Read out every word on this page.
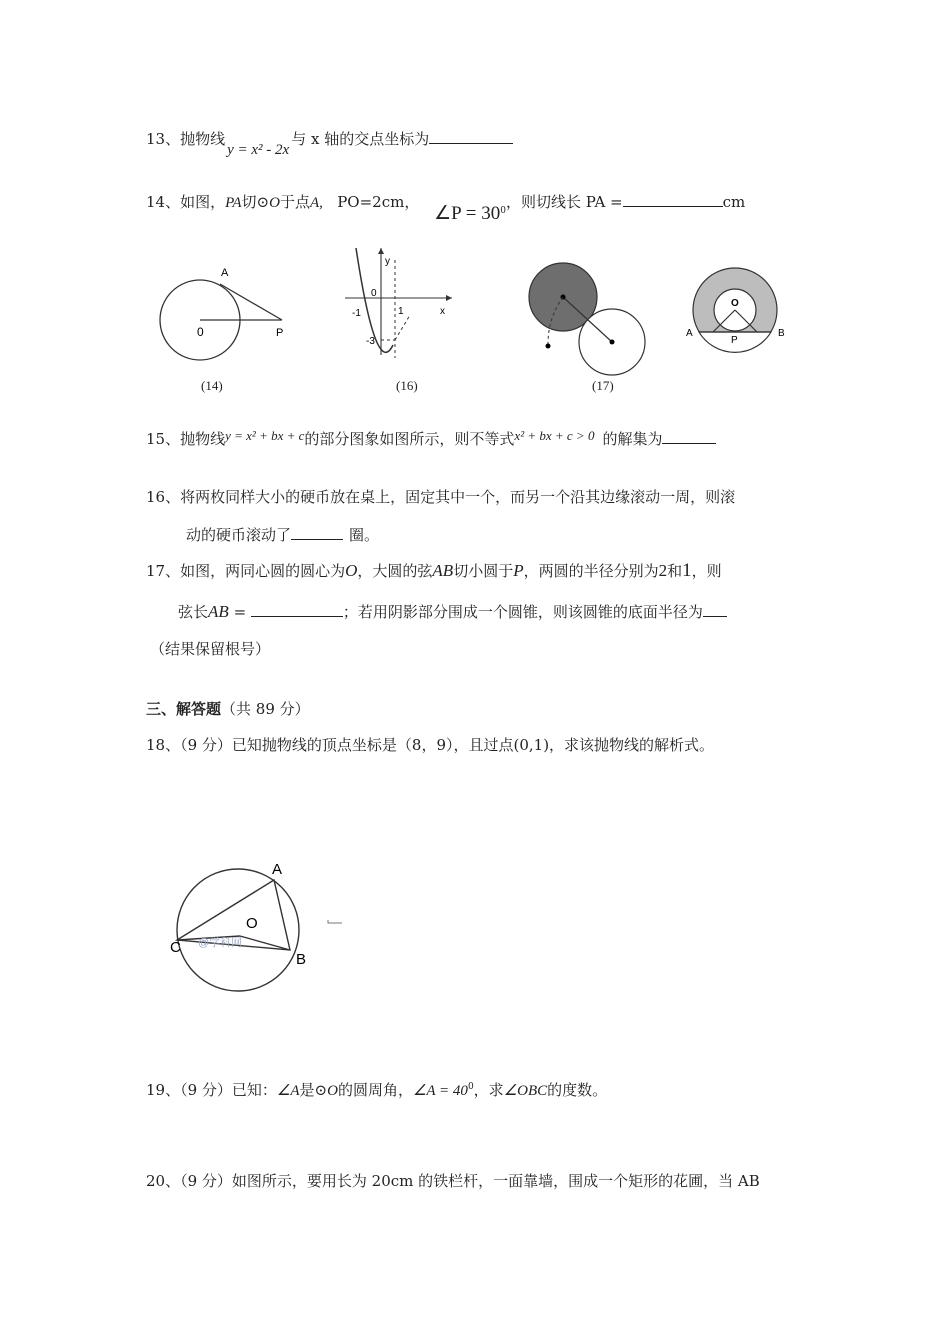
13、抛物线y = x² - 2x与 x 轴的交点坐标为
14、如图，PA切⊙O于点A, PO=2cm， ∠P = $30^0$，则切线长 PA =	cm
A
0	P
y
x
0
-1	1
-3
O
A	B
P
(14)	(16)	(17)
15、抛物线y = x² + bx + c的部分图象如图所示，则不等式x² + bx + c > 0 的解集为
16、将两枚同样大小的硬币放在桌上，固定其中一个，而另一个沿其边缘滚动一周，则滚
动的硬币滚动了	圈。
17、如图，两同心圆的圆心为O，大圆的弦AB切小圆于P，两圆的半径分别为2和1，则
弦长AB =	；若用阴影部分围成一个圆锥，则该圆锥的底面半径为
（结果保留根号）
三、解答题（共 89 分）
18、（9 分）已知抛物线的顶点坐标是（8，9），且过点(0,1)，求该抛物线的解析式。
@学科网
A
O
C
B
19、（9 分）已知：∠A是⊙O的圆周角，∠A = $40^0$，求∠OBC的度数。
20、（9 分）如图所示，要用长为 20cm 的铁栏杆，一面靠墙，围成一个矩形的花圃，当 AB
